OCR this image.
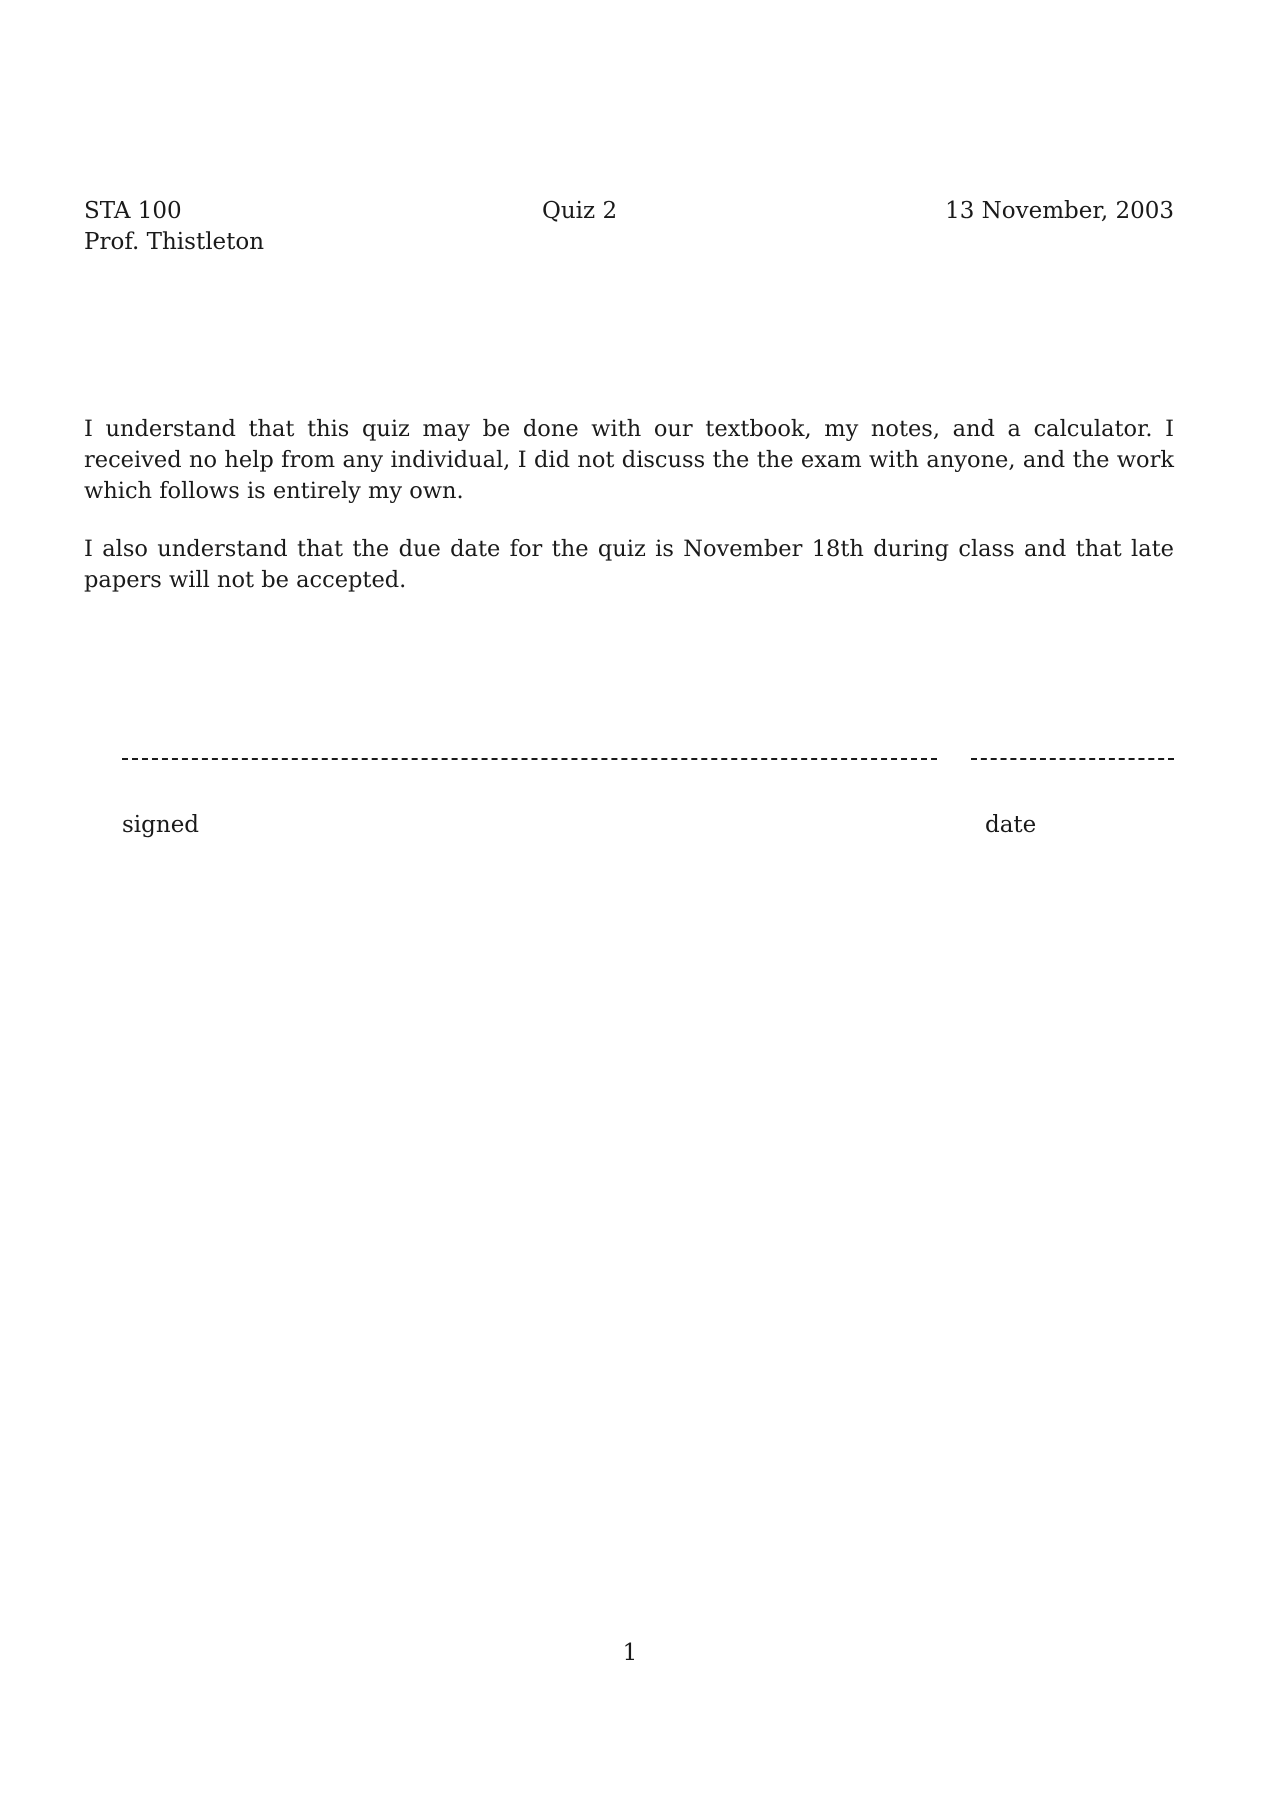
STA 100
Prof. Thistleton
Quiz 2	13 November, 2003

I understand that this quiz may be done with our textbook, my notes, and a calculator. I received no help from any individual, I did not discuss the the exam with anyone, and the work which follows is entirely my own.

I also understand that the due date for the quiz is November 18th during class and that late papers will not be accepted.

signed	date
1
